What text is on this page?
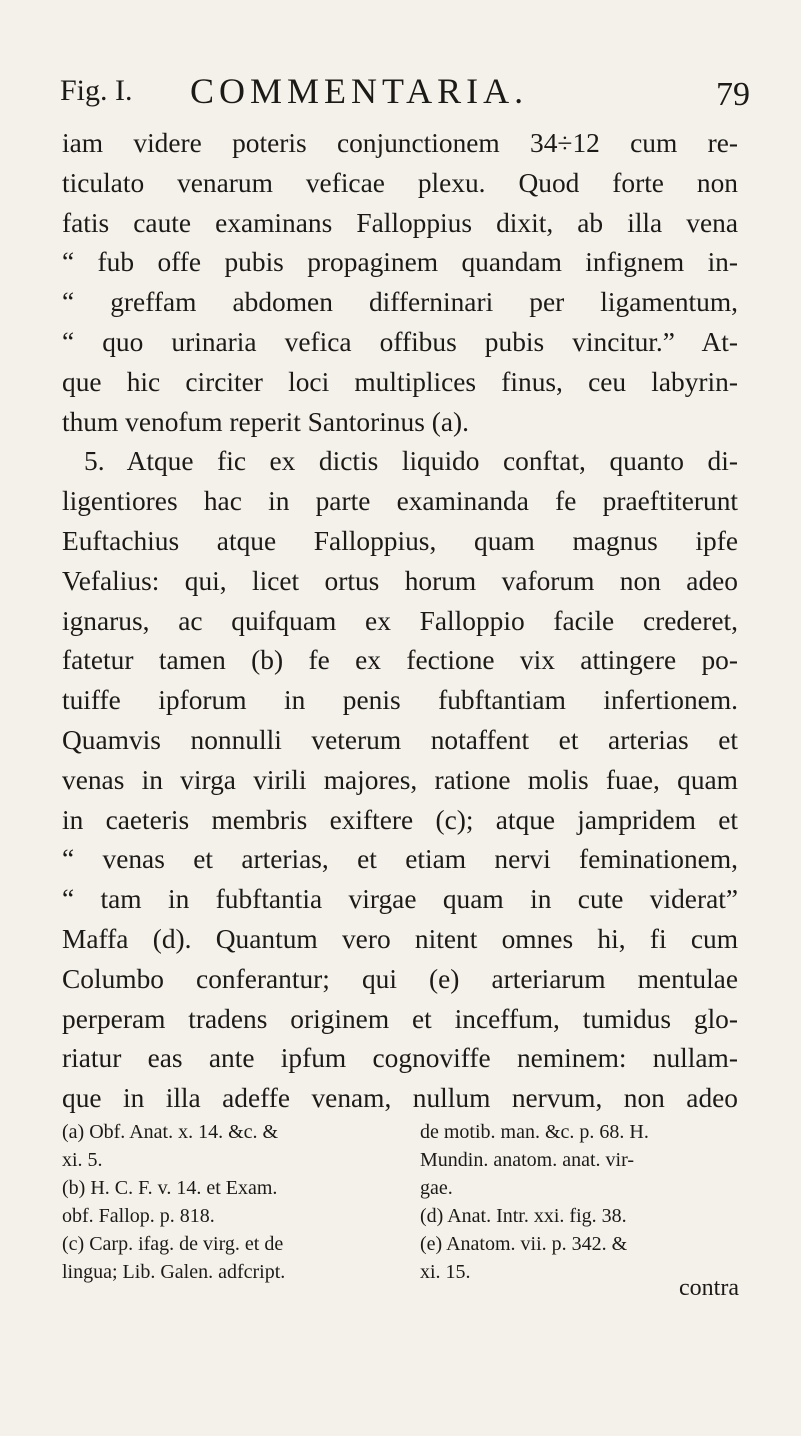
Fig. I. COMMENTARIA.	79
iam videre poteris conjunctionem 34÷12 cum re-
ticulato venarum veficae plexu. Quod forte non
fatis caute examinans Falloppius dixit, ab illa vena
“ fub offe pubis propaginem quandam infignem in-
“ greffam abdomen differninari per ligamentum,
“ quo urinaria vefica offibus pubis vincitur.” At-
que hic circiter loci multiplices finus, ceu labyrin-
thum venofum reperit Santorinus (a).
5. Atque fic ex dictis liquido conftat, quanto di-
ligentiores hac in parte examinanda fe praeftiterunt
Euftachius atque Falloppius, quam magnus ipfe
Vefalius: qui, licet ortus horum vaforum non adeo
ignarus, ac quifquam ex Falloppio facile crederet,
fatetur tamen (b) fe ex fectione vix attingere po-
tuiffe ipforum in penis fubftantiam infertionem.
Quamvis nonnulli veterum notaffent et arterias et
venas in virga virili majores, ratione molis fuae, quam
in caeteris membris exiftere (c); atque jampridem et
“ venas et arterias, et etiam nervi feminationem,
“ tam in fubftantia virgae quam in cute viderat”
Maffa (d). Quantum vero nitent omnes hi, fi cum
Columbo conferantur; qui (e) arteriarum mentulae
perperam tradens originem et inceffum, tumidus glo-
riatur eas ante ipfum cognoviffe neminem: nullam-
que in illa adeffe venam, nullum nervum, non adeo
(a) Obf. Anat. x. 14. &c. &
xi. 5.
(b) H. C. F. v. 14. et Exam.
obf. Fallop. p. 818.
(c) Carp. ifag. de virg. et de
lingua; Lib. Galen. adfcript.
de motib. man. &c. p. 68. H.
Mundin. anatom. anat. vir-
gae.
(d) Anat. Intr. xxi. fig. 38.
(e) Anatom. vii. p. 342. &
xi. 15.
contra
